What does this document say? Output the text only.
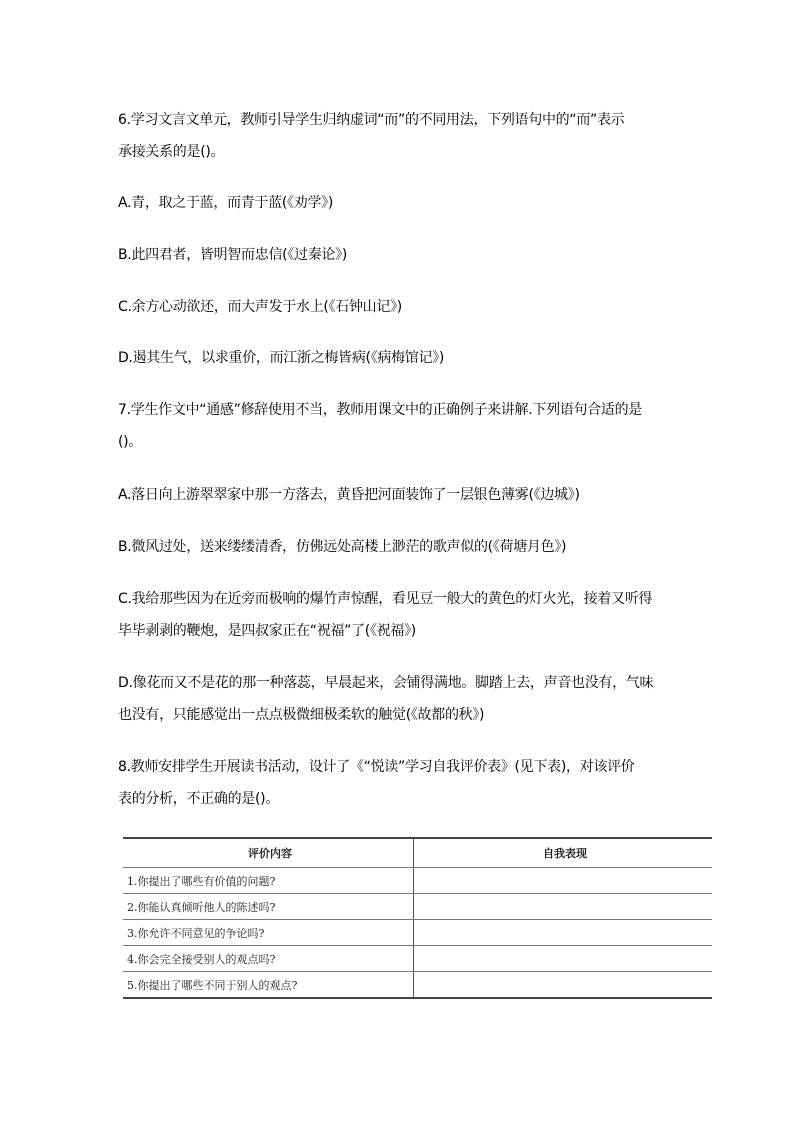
6.学习文言文单元，教师引导学生归纳虚词“而”的不同用法，下列语句中的“而”表示
承接关系的是()。
A.青，取之于蓝，而青于蓝(《劝学》)
B.此四君者，皆明智而忠信(《过秦论》)
C.余方心动欲还，而大声发于水上(《石钟山记》)
D.遏其生气，以求重价，而江浙之梅皆病(《病梅馆记》)
7.学生作文中“通感”修辞使用不当，教师用课文中的正确例子来讲解.下列语句合适的是
()。
A.落日向上游翠翠家中那一方落去，黄昏把河面装饰了一层银色薄雾(《边城》)
B.微风过处，送来缕缕清香，仿佛远处高楼上渺茫的歌声似的(《荷塘月色》)
C.我给那些因为在近旁而极响的爆竹声惊醒，看见豆一般大的黄色的灯火光，接着又听得
毕毕剥剥的鞭炮，是四叔家正在“祝福”了(《祝福》)
D.像花而又不是花的那一种落蕊，早晨起来，会铺得满地。脚踏上去，声音也没有，气味
也没有，只能感觉出一点点极微细极柔软的触觉(《故都的秋》)
8.教师安排学生开展读书活动，设计了《“悦读”学习自我评价表》(见下表)，对该评价
表的分析，不正确的是()。
评价内容	自我表现
1.你提出了哪些有价值的问题?	
2.你能认真倾听他人的陈述吗?	
3.你允许不同意见的争论吗?	
4.你会完全接受别人的观点吗?	
5.你提出了哪些不同于别人的观点?	
